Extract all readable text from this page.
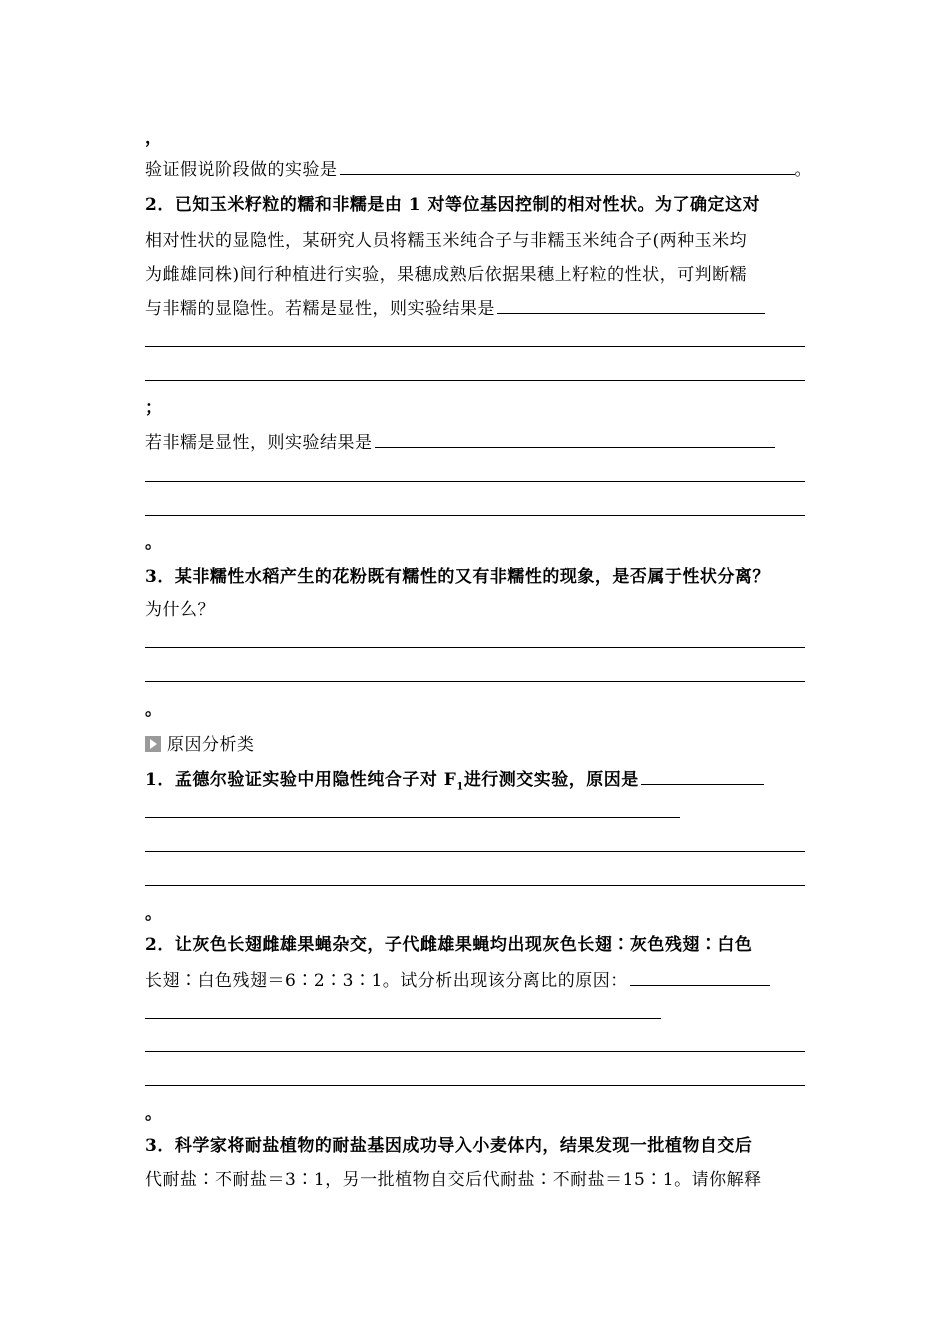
，
验证假说阶段做的实验是	。
2．已知玉米籽粒的糯和非糯是由 1 对等位基因控制的相对性状。为了确定这对
相对性状的显隐性，某研究人员将糯玉米纯合子与非糯玉米纯合子(两种玉米均
为雌雄同株)间行种植进行实验，果穗成熟后依据果穗上籽粒的性状，可判断糯
与非糯的显隐性。若糯是显性，则实验结果是
；
若非糯是显性，则实验结果是
。
3．某非糯性水稻产生的花粉既有糯性的又有非糯性的现象，是否属于性状分离？
为什么？
。
原因分析类
1．孟德尔验证实验中用隐性纯合子对 $F_1$进行测交实验，原因是
。
2．让灰色长翅雌雄果蝇杂交，子代雌雄果蝇均出现灰色长翅∶灰色残翅∶白色
长翅∶白色残翅＝6∶2∶3∶1。试分析出现该分离比的原因：
。
3．科学家将耐盐植物的耐盐基因成功导入小麦体内，结果发现一批植物自交后
代耐盐∶不耐盐＝3∶1，另一批植物自交后代耐盐∶不耐盐＝15∶1。请你解释
